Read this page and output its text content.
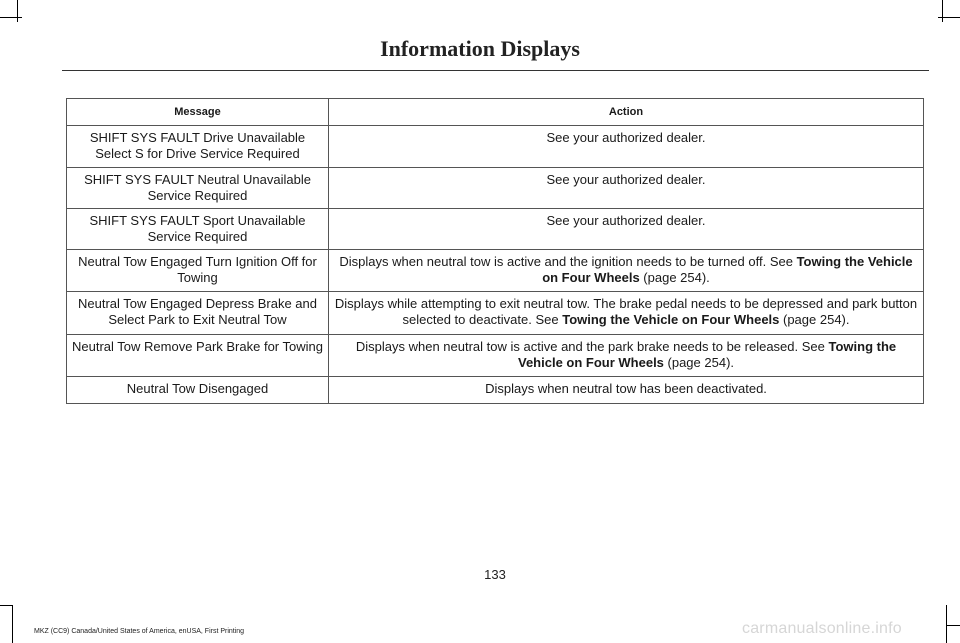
Information Displays
Message	Action
SHIFT SYS FAULT Drive Unavailable Select S for Drive Service Required	See your authorized dealer.
SHIFT SYS FAULT Neutral Unavailable Service Required	See your authorized dealer.
SHIFT SYS FAULT Sport Unavailable Service Required	See your authorized dealer.
Neutral Tow Engaged Turn Ignition Off for Towing	Displays when neutral tow is active and the ignition needs to be turned off. See Towing the Vehicle on Four Wheels (page 254).
Neutral Tow Engaged Depress Brake and Select Park to Exit Neutral Tow	Displays while attempting to exit neutral tow. The brake pedal needs to be depressed and park button selected to deactivate. See Towing the Vehicle on Four Wheels (page 254).
Neutral Tow Remove Park Brake for Towing	Displays when neutral tow is active and the park brake needs to be released. See Towing the Vehicle on Four Wheels (page 254).
Neutral Tow Disengaged	Displays when neutral tow has been deactivated.
133
MKZ (CC9) Canada/United States of America, enUSA, First Printing	carmanualsonline.info
